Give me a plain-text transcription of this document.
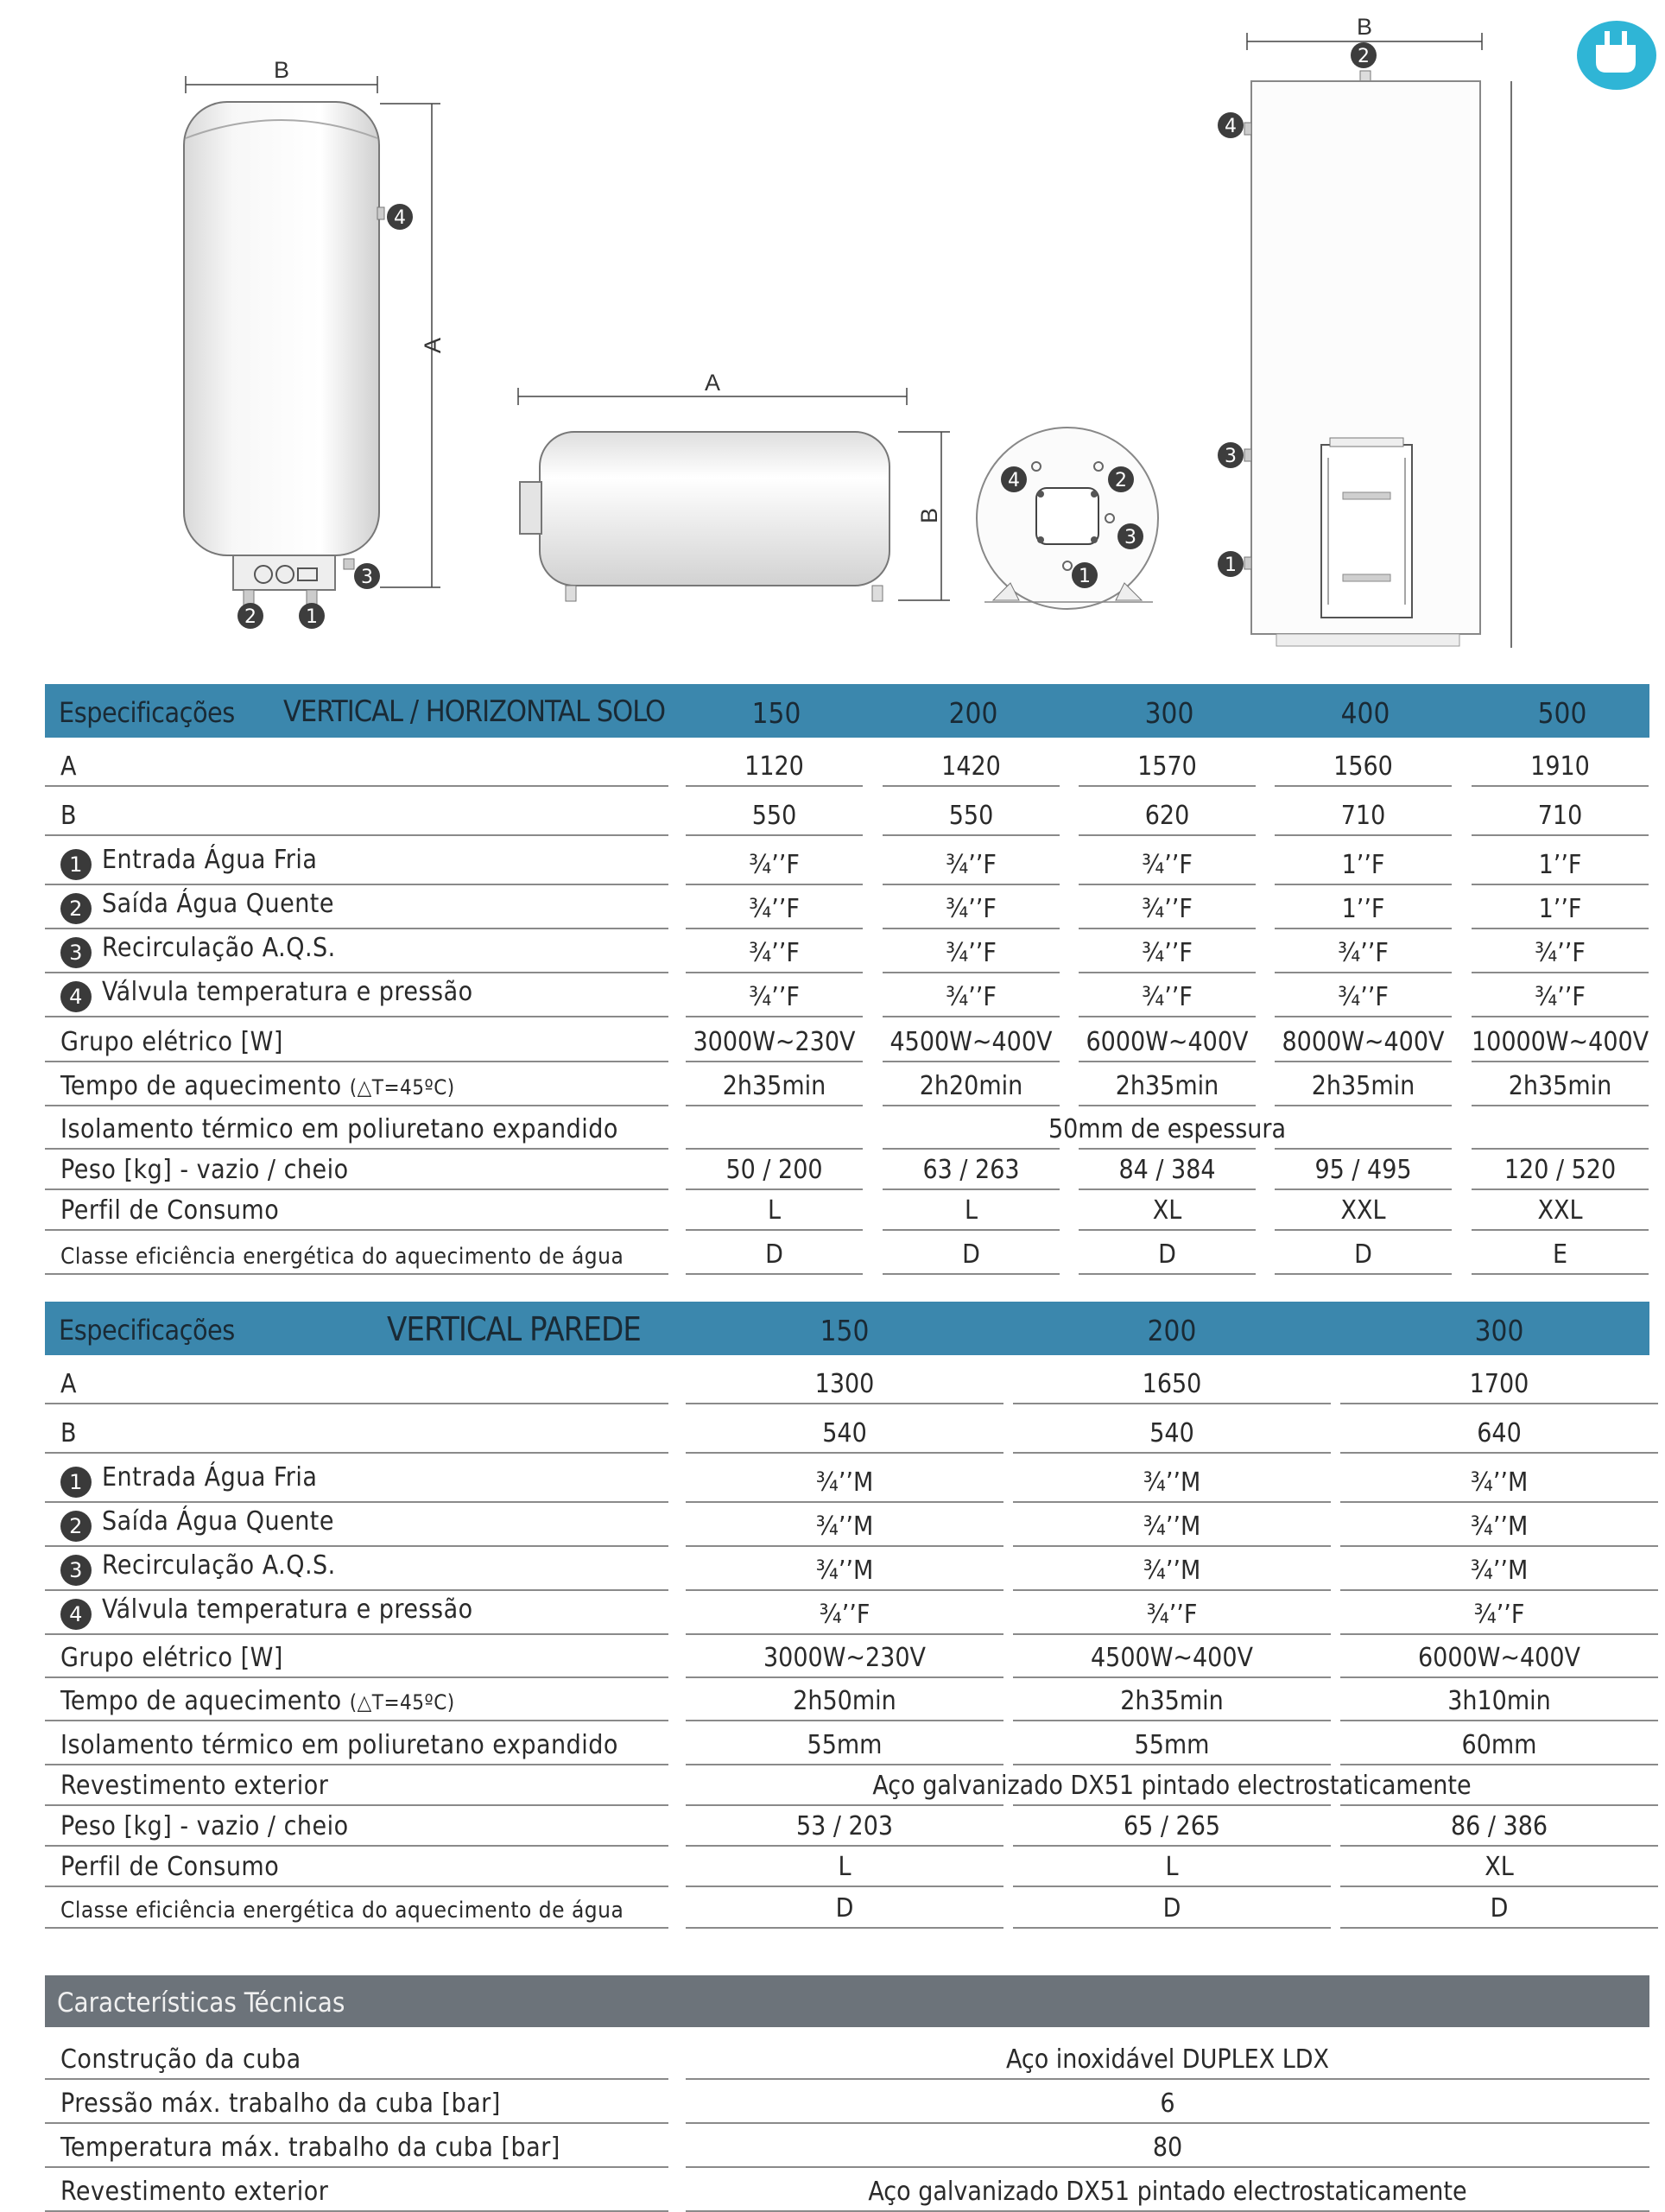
B
A
A
B
B
4
3
2	1
4	2
3
1
2
4
3
1
Especificações VERTICAL / HORIZONTAL SOLO	150	200	300	400	500
A	1120	1420	1570	1560	1910
B	550	550	620	710	710
1 Entrada Água Fria	¾’’F	¾’’F	¾’’F	1’’F	1’’F
2 Saída Água Quente	¾’’F	¾’’F	¾’’F	1’’F	1’’F
3 Recirculação A.Q.S.	¾’’F	¾’’F	¾’’F	¾’’F	¾’’F
4 Válvula temperatura e pressão	¾’’F	¾’’F	¾’’F	¾’’F	¾’’F
Grupo elétrico [W]	3000W~230V 4500W~400V 6000W~400V 8000W~400V 10000W~400V
Tempo de aquecimento (△T=45ºC)	2h35min	2h20min	2h35min	2h35min	2h35min
Isolamento térmico em poliuretano expandido	50mm de espessura
Peso [kg] - vazio / cheio	50 / 200	63 / 263	84 / 384	95 / 495	120 / 520
Perfil de Consumo	L	L	XL	XXL	XXL
Classe eficiência energética do aquecimento de água	D	D	D	D	E
Especificações	VERTICAL PAREDE	150	200	300
A	1300	1650	1700
B	540	540	640
1 Entrada Água Fria	¾’’M	¾’’M	¾’’M
2 Saída Água Quente	¾’’M	¾’’M	¾’’M
3 Recirculação A.Q.S.	¾’’M	¾’’M	¾’’M
4 Válvula temperatura e pressão	¾’’F	¾’’F	¾’’F
Grupo elétrico [W]	3000W~230V	4500W~400V	6000W~400V
Tempo de aquecimento (△T=45ºC)	2h50min	2h35min	3h10min
Isolamento térmico em poliuretano expandido	55mm	55mm	60mm
Revestimento exterior	Aço galvanizado DX51 pintado electrostaticamente
Peso [kg] - vazio / cheio	53 / 203	65 / 265	86 / 386
Perfil de Consumo	L	L	XL
Classe eficiência energética do aquecimento de água	D	D	D
Características Técnicas
Construção da cuba	Aço inoxidável DUPLEX LDX
Pressão máx. trabalho da cuba [bar]	6
Temperatura máx. trabalho da cuba [bar]	80
Revestimento exterior	Aço galvanizado DX51 pintado electrostaticamente
